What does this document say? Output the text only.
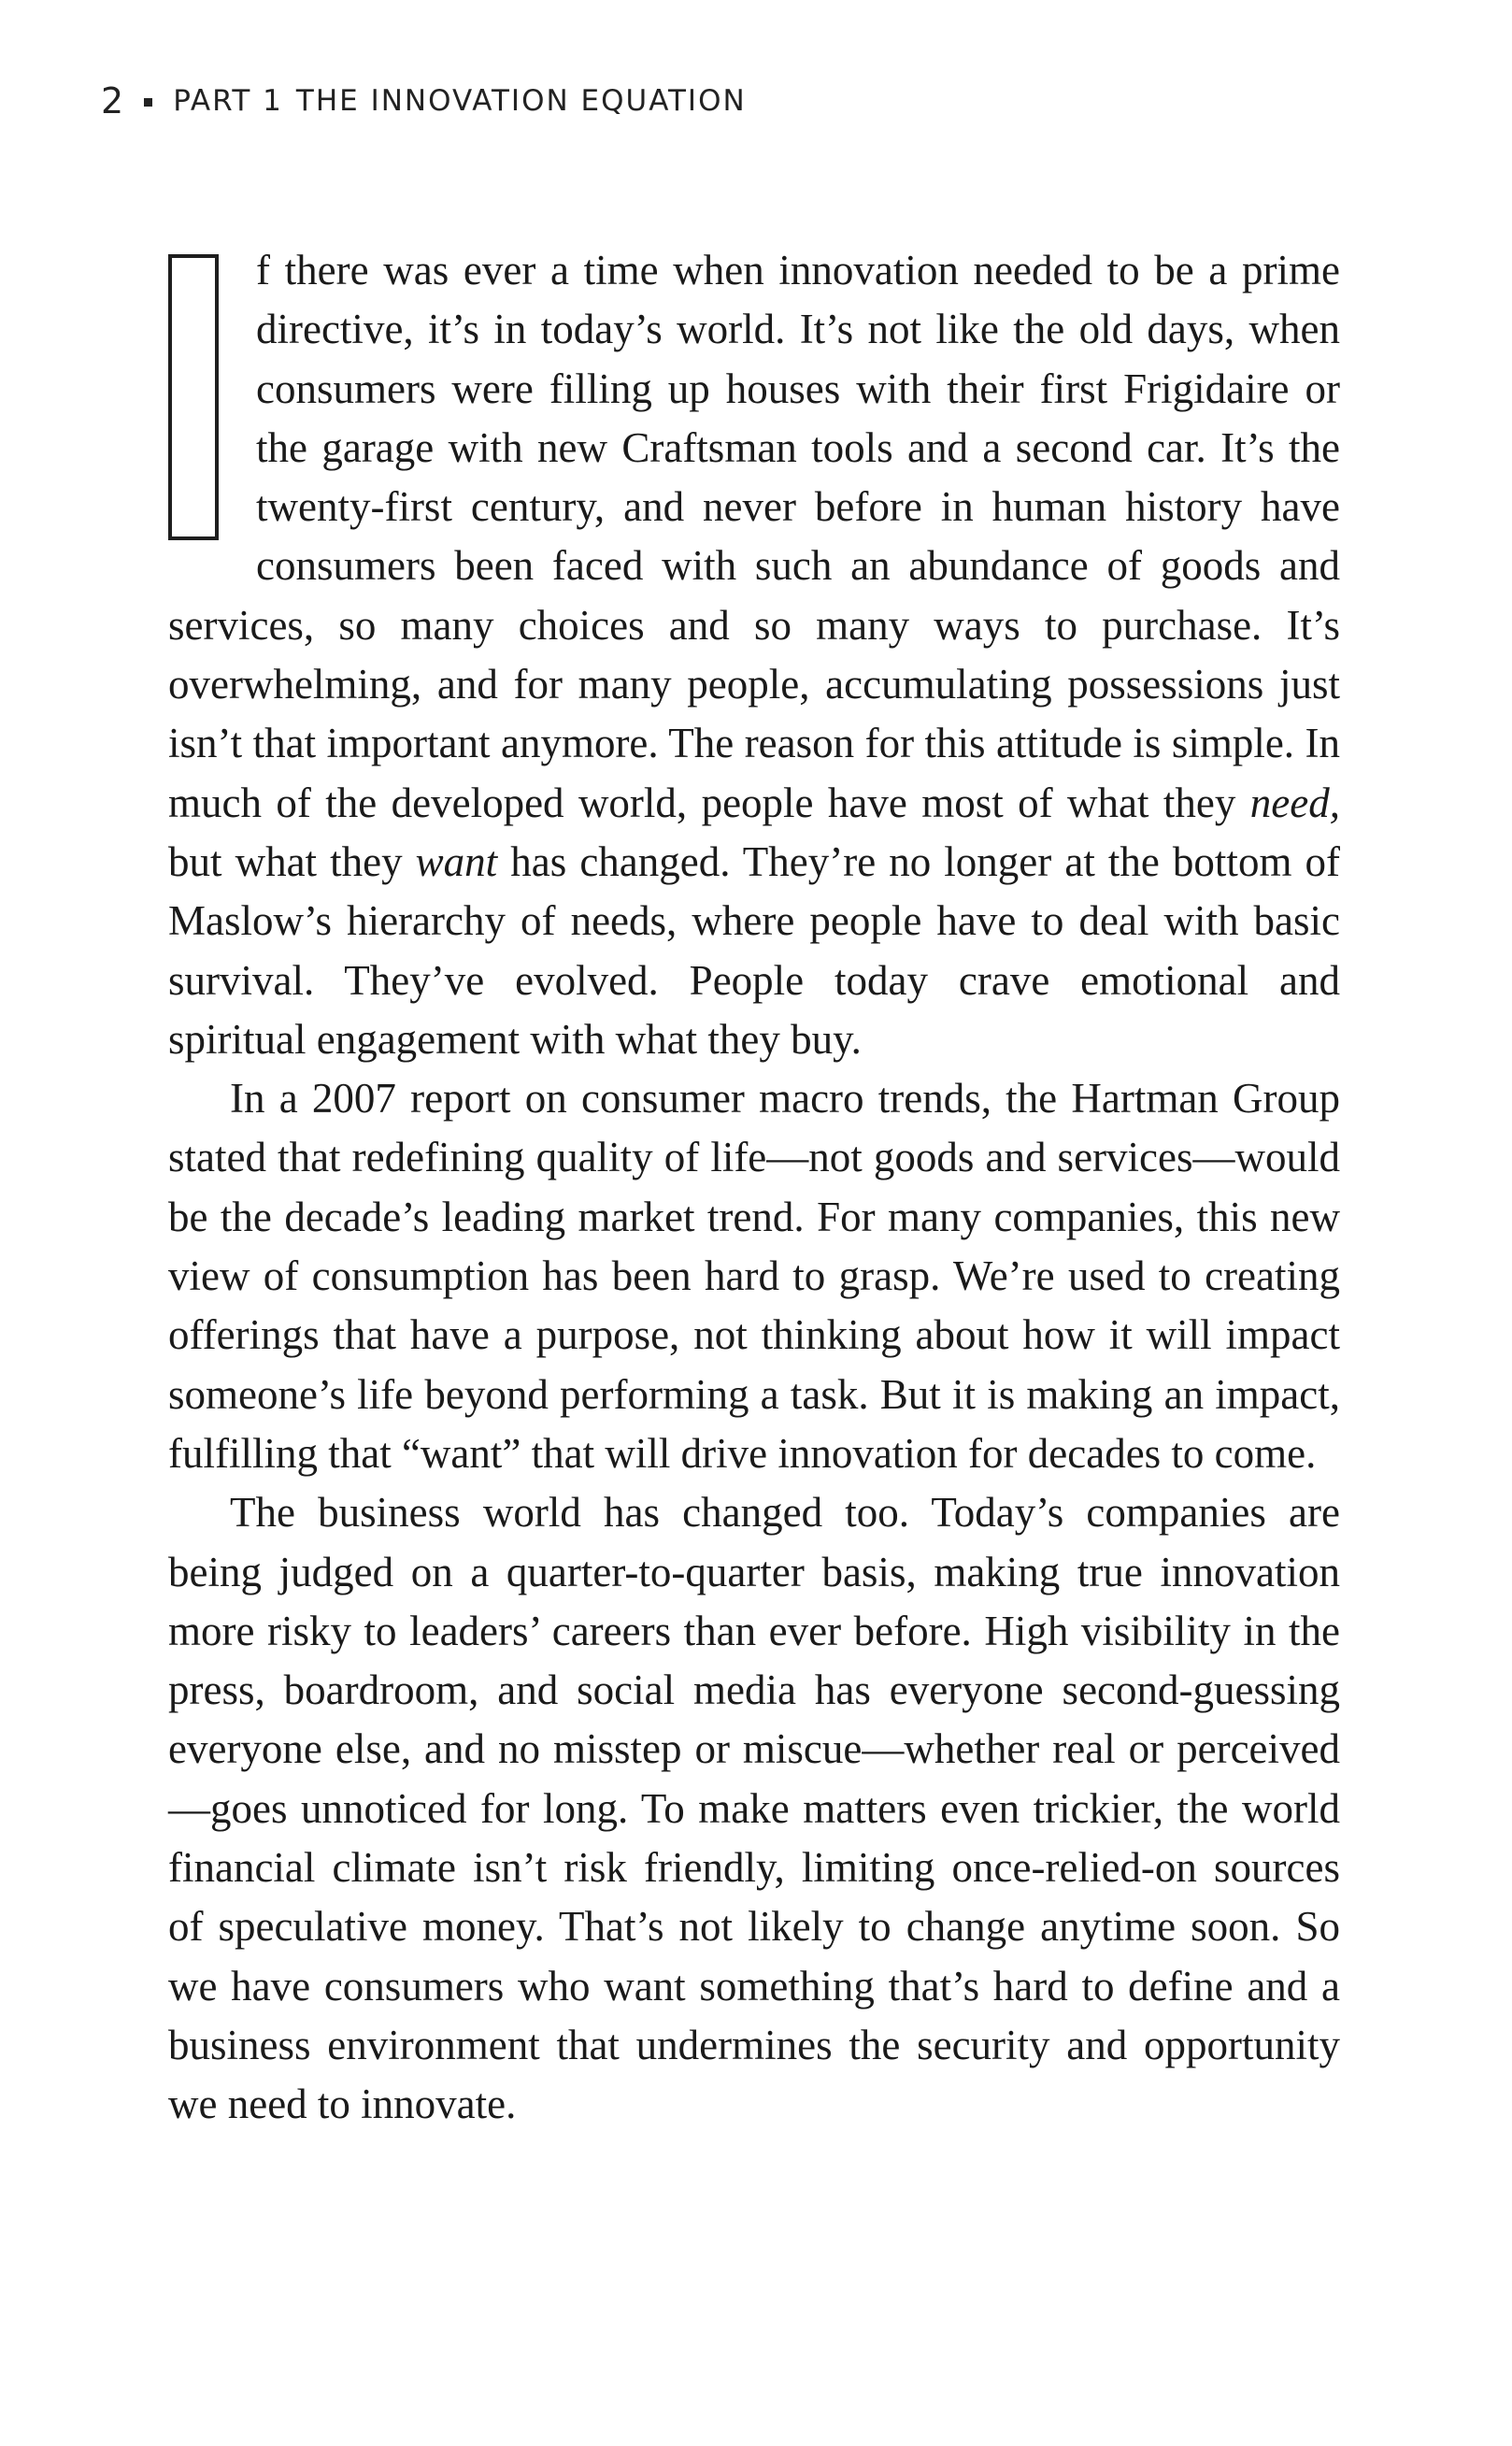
2 PART 1 THE INNOVATION EQUATION

f there was ever a time when innovation needed to be a prime directive, it’s in today’s world. It’s not like the old days, when consumers were filling up houses with their first Frigidaire or the garage with new Craftsman tools and a second car. It’s the twenty-first century, and never before in human history have consumers been faced with such an abundance of goods and services, so many choices and so many ways to purchase. It’s overwhelming, and for many people, accumulating possessions just isn’t that important anymore. The reason for this attitude is simple. In much of the developed world, people have most of what they need, but what they want has changed. They’re no longer at the bottom of Maslow’s hierarchy of needs, where people have to deal with basic survival. They’ve evolved. People today crave emotional and spiritual engagement with what they buy.

In a 2007 report on consumer macro trends, the Hartman Group stated that redefining quality of life—not goods and services—would be the decade’s leading market trend. For many companies, this new view of consumption has been hard to grasp. We’re used to creating offerings that have a purpose, not thinking about how it will impact someone’s life beyond performing a task. But it is making an impact, fulfilling that “want” that will drive innovation for decades to come.

The business world has changed too. Today’s companies are being judged on a quarter-to-quarter basis, making true innovation more risky to leaders’ careers than ever before. High visibility in the press, boardroom, and social media has everyone second-guessing everyone else, and no misstep or miscue—whether real or perceived—goes unnoticed for long. To make matters even trickier, the world financial climate isn’t risk friendly, limiting once-relied-on sources of speculative money. That’s not likely to change anytime soon. So we have consumers who want something that’s hard to define and a business environment that undermines the security and opportunity we need to innovate.
